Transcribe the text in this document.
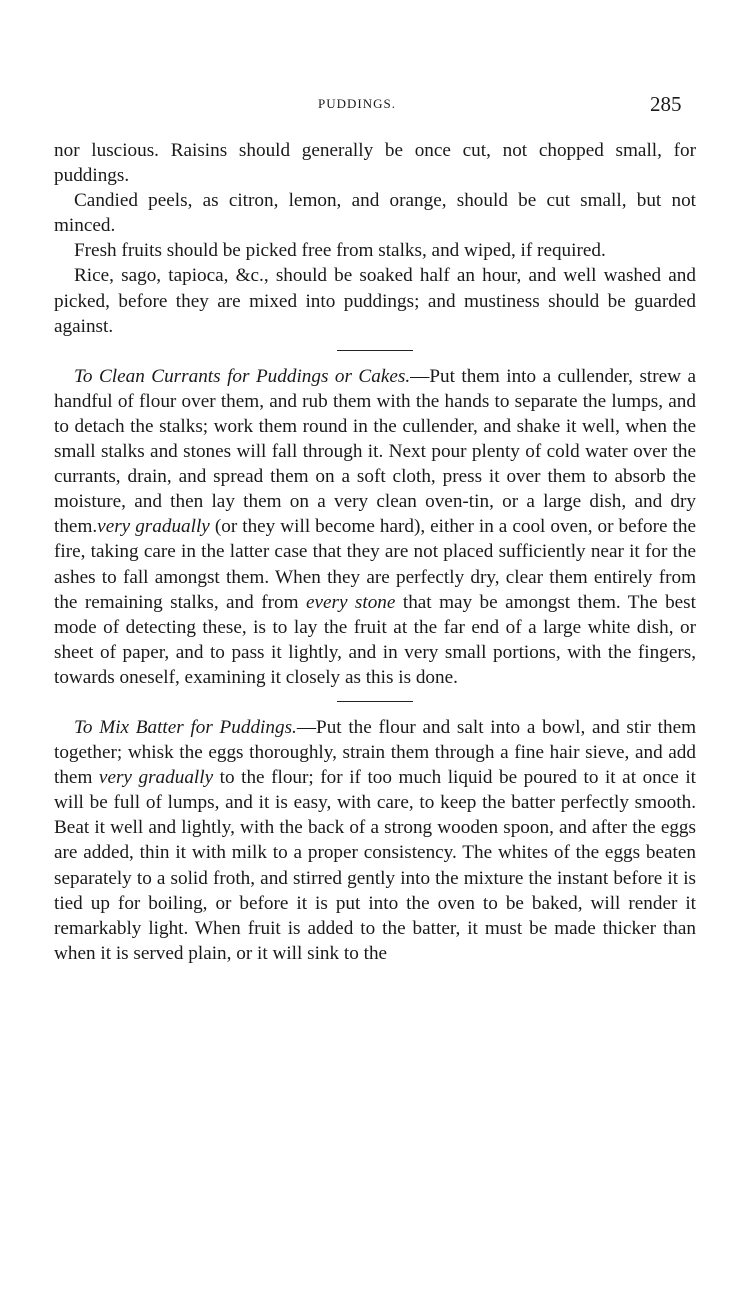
PUDDINGS.	285

nor luscious. Raisins should generally be once cut, not chopped small, for puddings.

Candied peels, as citron, lemon, and orange, should be cut small, but not minced.

Fresh fruits should be picked free from stalks, and wiped, if required.

Rice, sago, tapioca, &c., should be soaked half an hour, and well washed and picked, before they are mixed into puddings; and mustiness should be guarded against.

To Clean Currants for Puddings or Cakes.—Put them into a cullender, strew a handful of flour over them, and rub them with the hands to separate the lumps, and to detach the stalks; work them round in the cullender, and shake it well, when the small stalks and stones will fall through it. Next pour plenty of cold water over the currants, drain, and spread them on a soft cloth, press it over them to absorb the moisture, and then lay them on a very clean oven-tin, or a large dish, and dry them.very gradually (or they will become hard), either in a cool oven, or before the fire, taking care in the latter case that they are not placed sufficiently near it for the ashes to fall amongst them. When they are perfectly dry, clear them entirely from the remaining stalks, and from every stone that may be amongst them. The best mode of detecting these, is to lay the fruit at the far end of a large white dish, or sheet of paper, and to pass it lightly, and in very small portions, with the fingers, towards oneself, examining it closely as this is done.

To Mix Batter for Puddings.—Put the flour and salt into a bowl, and stir them together; whisk the eggs thoroughly, strain them through a fine hair sieve, and add them very gradually to the flour; for if too much liquid be poured to it at once it will be full of lumps, and it is easy, with care, to keep the batter perfectly smooth. Beat it well and lightly, with the back of a strong wooden spoon, and after the eggs are added, thin it with milk to a proper consistency. The whites of the eggs beaten separately to a solid froth, and stirred gently into the mixture the instant before it is tied up for boiling, or before it is put into the oven to be baked, will render it remarkably light. When fruit is added to the batter, it must be made thicker than when it is served plain, or it will sink to the
